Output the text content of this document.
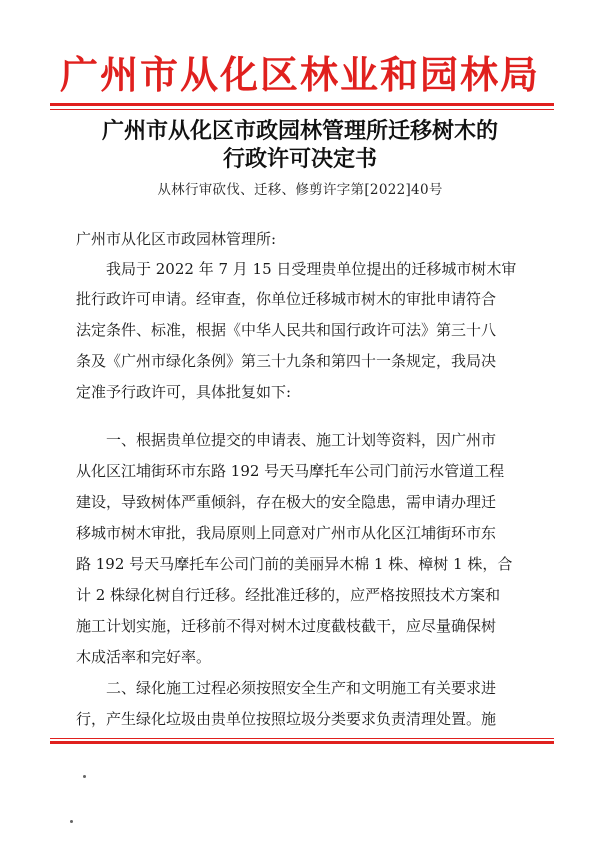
广州市从化区林业和园林局
广州市从化区市政园林管理所迁移树木的
行政许可决定书
从林行审砍伐、迁移、修剪许字第[2022]40号
广州市从化区市政园林管理所:
我局于 2022 年 7 月 15 日受理贵单位提出的迁移城市树木审
批行政许可申请。经审查，你单位迁移城市树木的审批申请符合
法定条件、标准，根据《中华人民共和国行政许可法》第三十八
条及《广州市绿化条例》第三十九条和第四十一条规定，我局决
定准予行政许可，具体批复如下:
一、根据贵单位提交的申请表、施工计划等资料，因广州市
从化区江埔街环市东路 192 号天马摩托车公司门前污水管道工程
建设，导致树体严重倾斜，存在极大的安全隐患，需申请办理迁
移城市树木审批，我局原则上同意对广州市从化区江埔街环市东
路 192 号天马摩托车公司门前的美丽异木棉 1 株、樟树 1 株，合
计 2 株绿化树自行迁移。经批准迁移的，应严格按照技术方案和
施工计划实施，迁移前不得对树木过度截枝截干，应尽量确保树
木成活率和完好率。
二、绿化施工过程必须按照安全生产和文明施工有关要求进
行，产生绿化垃圾由贵单位按照垃圾分类要求负责清理处置。施
